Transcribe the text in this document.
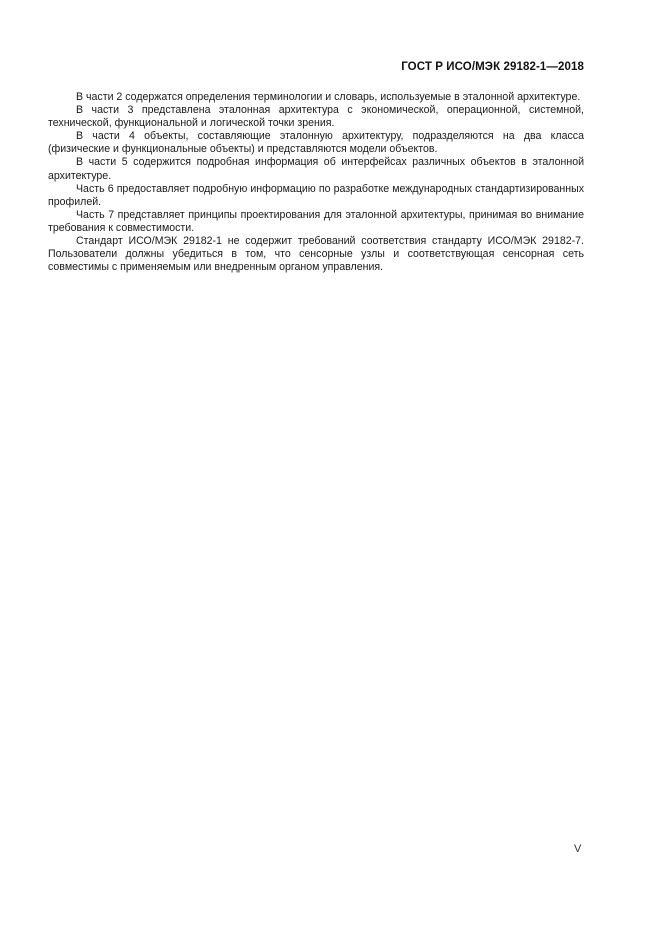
ГОСТ Р ИСО/МЭК 29182-1—2018

В части 2 содержатся определения терминологии и словарь, используемые в эталонной архитектуре.

В части 3 представлена эталонная архитектура с экономической, операционной, системной, технической, функциональной и логической точки зрения.

В части 4 объекты, составляющие эталонную архитектуру, подразделяются на два класса (физические и функциональные объекты) и представляются модели объектов.

В части 5 содержится подробная информация об интерфейсах различных объектов в эталонной архитектуре.

Часть 6 предоставляет подробную информацию по разработке международных стандартизированных профилей.

Часть 7 представляет принципы проектирования для эталонной архитектуры, принимая во внимание требования к совместимости.

Стандарт ИСО/МЭК 29182-1 не содержит требований соответствия стандарту ИСО/МЭК 29182-7. Пользователи должны убедиться в том, что сенсорные узлы и соответствующая сенсорная сеть совместимы с применяемым или внедренным органом управления.

V
